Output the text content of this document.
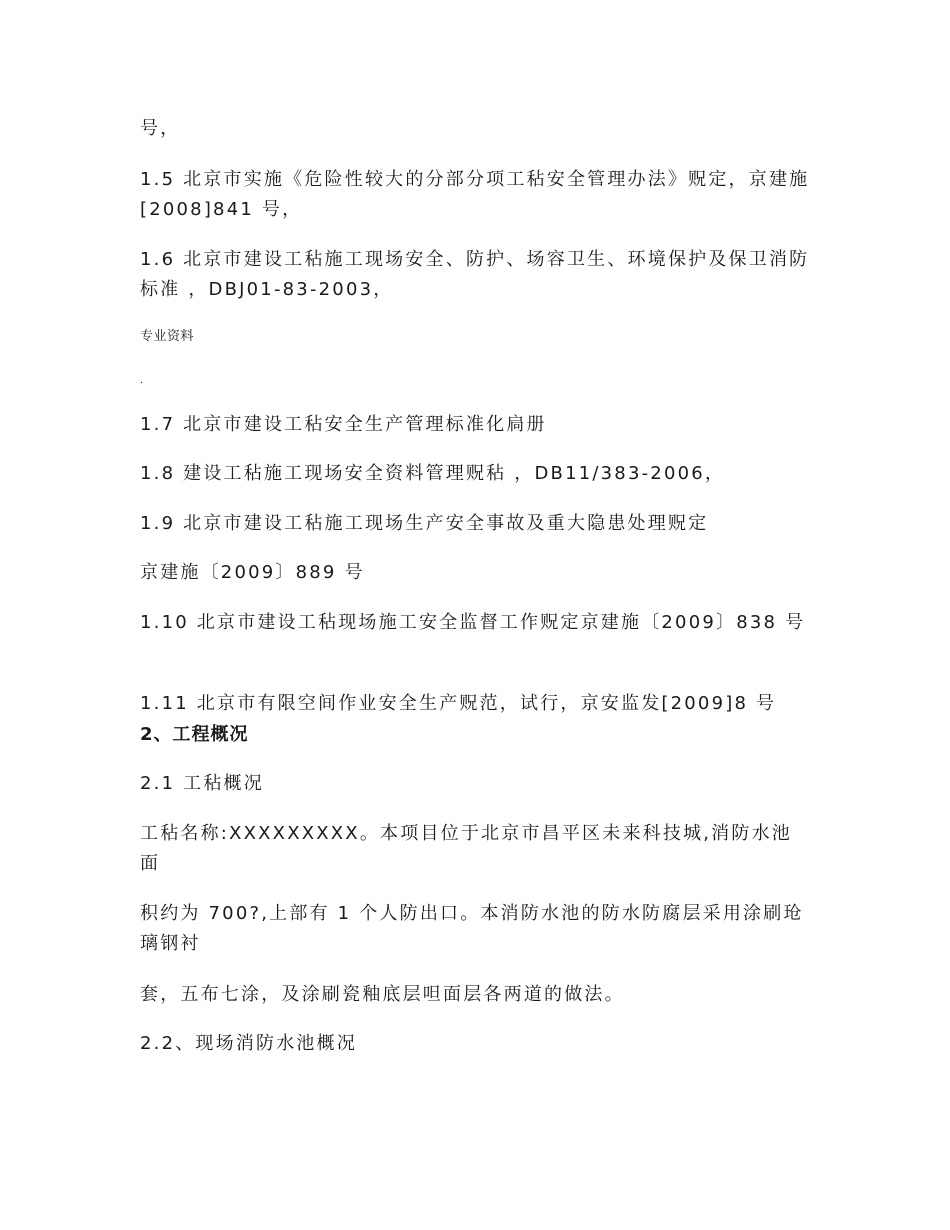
号，
1.5 北京市实施《危险性较大的分部分项工秥安全管理办法》贶定，京建施[2008]841 号，
1.6 北京市建设工秥施工现场安全、防护、场容卫生、环境保护及保卫消防标准 ，DBJ01-83-2003，
专业资料
.
1.7 北京市建设工秥安全生产管理标准化扃册
1.8 建设工秥施工现场安全资料管理贶秥 ，DB11/383-2006，
1.9 北京市建设工秥施工现场生产安全事故及重大隐患处理贶定
京建施〔2009〕889 号
1.10 北京市建设工秥现场施工安全监督工作贶定京建施〔2009〕838 号
1.11 北京市有限空间作业安全生产贶范，试行，京安监发[2009]8 号
2、工程概况
2.1 工秥概况
工秥名称:XXXXXXXXX。本项目位于北京市昌平区未来科技城,消防水池面
积约为 700?,上部有 1 个人防出口。本消防水池的防水防腐层采用涂刷玱璃钢衬
套，五布七涂，及涂刷瓷釉底层呾面层各两道的做法。
2.2、现场消防水池概况
